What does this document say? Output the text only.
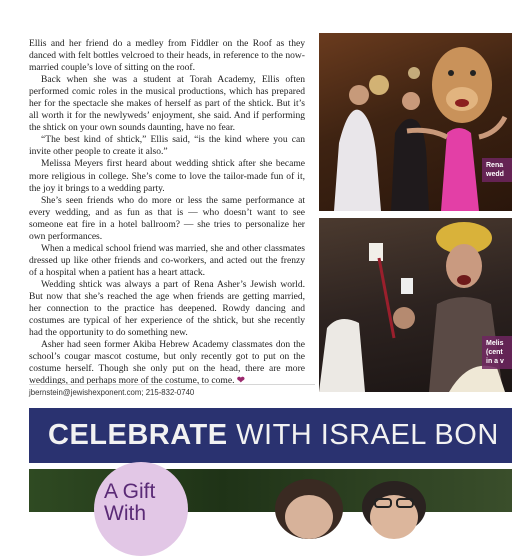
Ellis and her friend do a medley from Fiddler on the Roof as they danced with felt bottles velcroed to their heads, in reference to the now-married couple’s love of sitting on the roof.

Back when she was a student at Torah Academy, Ellis often performed comic roles in the musical productions, which has prepared her for the spectacle she makes of herself as part of the shtick. But it’s all worth it for the newlyweds’ enjoyment, she said. And if performing the shtick on your own sounds daunting, have no fear.

“The best kind of shtick,” Ellis said, “is the kind where you can invite other people to create it also.”

Melissa Meyers first heard about wedding shtick after she became more religious in college. She’s come to love the tailor-made fun of it, the joy it brings to a wedding party.

She’s seen friends who do more or less the same performance at every wedding, and as fun as that is — who doesn’t want to see someone eat fire in a hotel ballroom? — she tries to personalize her own performances.

When a medical school friend was married, she and other classmates dressed up like other friends and co-workers, and acted out the frenzy of a hospital when a patient has a heart attack.

Wedding shtick was always a part of Rena Asher’s Jewish world. But now that she’s reached the age when friends are getting married, her connection to the practice has deepened. Rowdy dancing and costumes are typical of her experience of the shtick, but she recently had the opportunity to do something new.

Asher had seen former Akiba Hebrew Academy classmates don the school’s cougar mascot costume, but only recently got to put on the costume herself. Though she only put on the head, there are more weddings, and perhaps more of the costume, to come. ❤

jbernstein@jewishexponent.com; 215-832-0740
Rena
wedd
Melis
(cent
in a v
CELEBRATE WITH ISRAEL BON
A Gift
With
